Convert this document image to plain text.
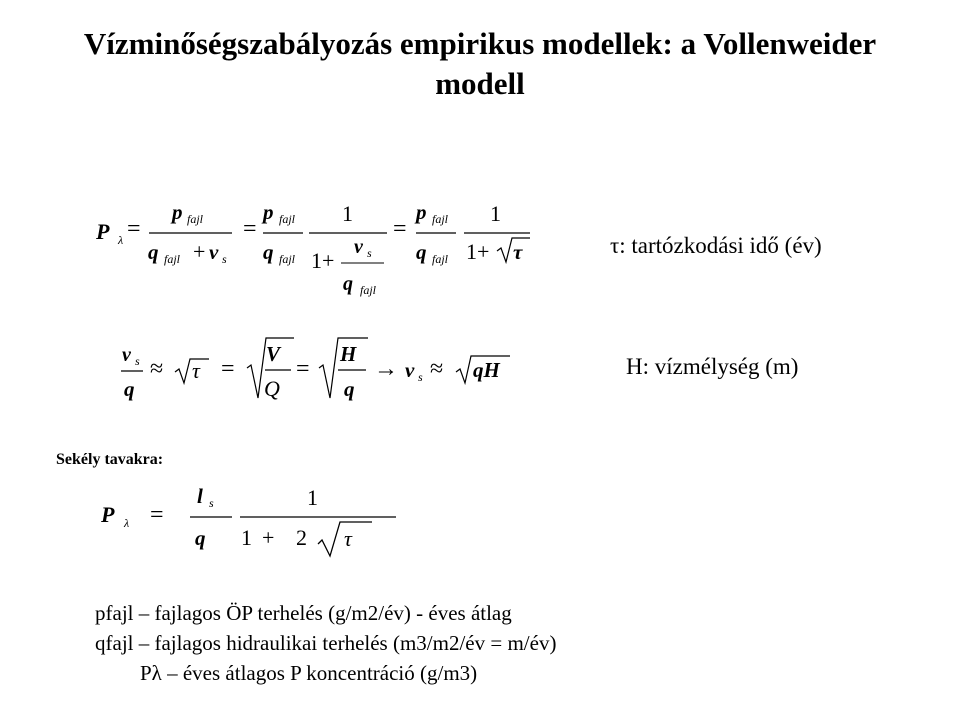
Vízminőségszabályozás empirikus modellek: a Vollenweider modell
P λ =
p fajl
q fajl + v s
=
p fajl
q fajl
1
1 +
v s
q fajl
=
p fajl
q fajl
1
1 + τ	τ: tartózkodási idő (év)
v s
q
≈ τ =
V
Q
=
H
q
→ v s ≈ qH	H: vízmélység (m)
Sekély tavakra:
P λ =
l s
q
1
1 + 2 τ
pfajl – fajlagos ÖP terhelés (g/m2/év) - éves átlag
qfajl – fajlagos hidraulikai terhelés (m3/m2/év = m/év)
Pλ – éves átlagos P koncentráció (g/m3)
